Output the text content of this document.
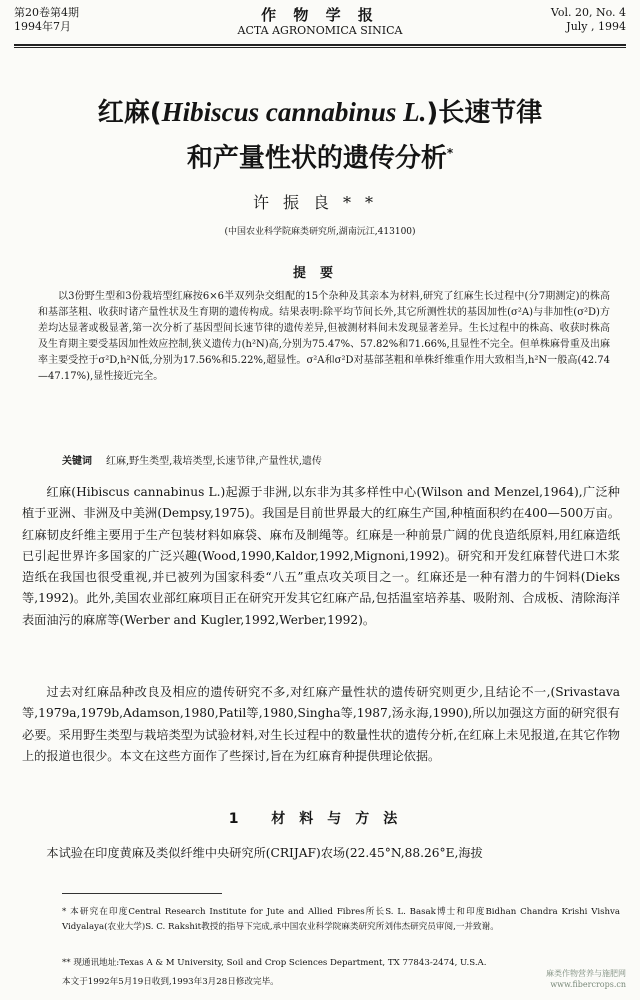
第20卷第4期
1994年7月
作 物 学 报
ACTA AGRONOMICA SINICA
Vol. 20, No. 4
July , 1994
红麻(Hibiscus cannabinus L.)长速节律
和产量性状的遗传分析*
许振良**
(中国农业科学院麻类研究所,湖南沅江,413100)
提要
以3份野生型和3份栽培型红麻按6×6半双列杂交组配的15个杂种及其亲本为材料,研究了红麻生长过程中(分7期测定)的株高和基部茎粗、收获时诸产量性状及生育期的遗传构成。结果表明:除平均节间长外,其它所测性状的基因加性(σ²A)与非加性(σ²D)方差均达显著或极显著,第一次分析了基因型间长速节律的遗传差异,但被测材料间未发现显著差异。生长过程中的株高、收获时株高及生育期主要受基因加性效应控制,狭义遗传力(h²N)高,分别为75.47%、57.82%和71.66%,且显性不完全。但单株麻骨重及出麻率主要受控于σ²D,h²N低,分别为17.56%和5.22%,超显性。σ²A和σ²D对基部茎粗和单株纤维重作用大致相当,h²N一般高(42.74—47.17%),显性接近完全。
关键词 红麻,野生类型,栽培类型,长速节律,产量性状,遗传
红麻(Hibiscus cannabinus L.)起源于非洲,以东非为其多样性中心(Wilson and Menzel,1964),广泛种植于亚洲、非洲及中美洲(Dempsy,1975)。我国是目前世界最大的红麻生产国,种植面积约在400—500万亩。红麻韧皮纤维主要用于生产包装材料如麻袋、麻布及制绳等。红麻是一种前景广阔的优良造纸原料,用红麻造纸已引起世界许多国家的广泛兴趣(Wood,1990,Kaldor,1992,Mignoni,1992)。研究和开发红麻替代进口木浆造纸在我国也很受重视,并已被列为国家科委“八五”重点攻关项目之一。红麻还是一种有潜力的牛饲料(Dieks等,1992)。此外,美国农业部红麻项目正在研究开发其它红麻产品,包括温室培养基、吸附剂、合成板、清除海洋表面油污的麻席等(Werber and Kugler,1992,Werber,1992)。
过去对红麻品种改良及相应的遗传研究不多,对红麻产量性状的遗传研究则更少,且结论不一,(Srivastava等,1979a,1979b,Adamson,1980,Patil等,1980,Singha等,1987,汤永海,1990),所以加强这方面的研究很有必要。采用野生类型与栽培类型为试验材料,对生长过程中的数量性状的遗传分析,在红麻上未见报道,在其它作物上的报道也很少。本文在这些方面作了些探讨,旨在为红麻育种提供理论依据。
1 材料与方法
本试验在印度黄麻及类似纤维中央研究所(CRIJAF)农场(22.45°N,88.26°E,海拔
* 本研究在印度Central Research Institute for Jute and Allied Fibres所长S. L. Basak博士和印度Bidhan Chandra Krishi Vishva Vidyalaya(农业大学)S. C. Rakshit教授的指导下完成,承中国农业科学院麻类研究所刘伟杰研究员审阅,一并致谢。
** 现通讯地址:Texas A & M University, Soil and Crop Sciences Department, TX 77843-2474, U.S.A.
本文于1992年5月19日收到,1993年3月28日修改完毕。
麻类作物营养与施肥网
www.fibercrops.cn
